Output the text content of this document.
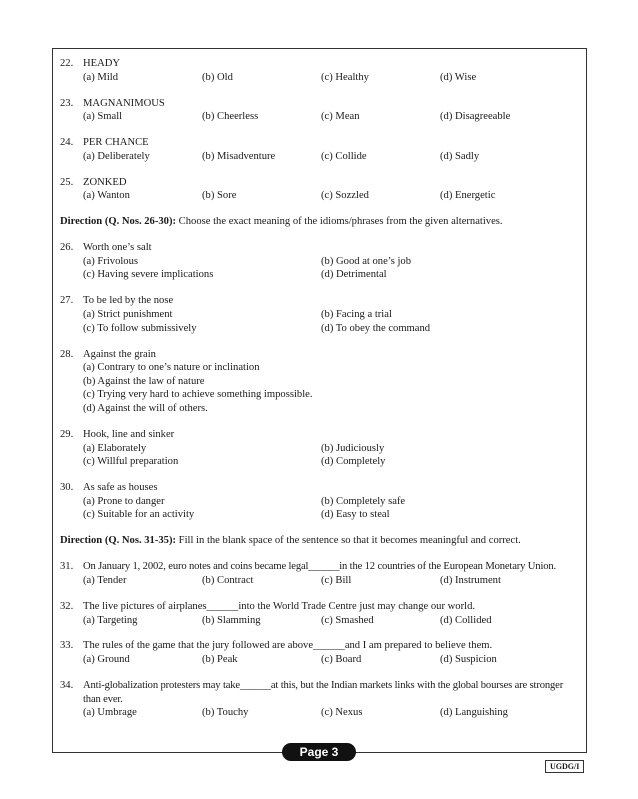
22. HEADY
(a) Mild	(b) Old	(c) Healthy	(d) Wise
23. MAGNANIMOUS
(a) Small	(b) Cheerless	(c) Mean	(d) Disagreeable
24. PER CHANCE
(a) Deliberately	(b) Misadventure	(c) Collide	(d) Sadly
25. ZONKED
(a) Wanton	(b) Sore	(c) Sozzled	(d) Energetic

Direction (Q. Nos. 26-30): Choose the exact meaning of the idioms/phrases from the given alternatives.

26. Worth one’s salt
(a) Frivolous	(b) Good at one’s job
(c) Having severe implications	(d) Detrimental
27. To be led by the nose
(a) Strict punishment	(b) Facing a trial
(c) To follow submissively	(d) To obey the command
28. Against the grain
(a) Contrary to one’s nature or inclination
(b) Against the law of nature
(c) Trying very hard to achieve something impossible.
(d) Against the will of others.
29. Hook, line and sinker
(a) Elaborately	(b) Judiciously
(c) Willful preparation	(d) Completely
30. As safe as houses
(a) Prone to danger	(b) Completely safe
(c) Suitable for an activity	(d) Easy to steal

Direction (Q. Nos. 31-35): Fill in the blank space of the sentence so that it becomes meaningful and correct.

31. On January 1, 2002, euro notes and coins became legal______in the 12 countries of the European Monetary Union.
(a) Tender	(b) Contract	(c) Bill	(d) Instrument
32. The live pictures of airplanes______into the World Trade Centre just may change our world.
(a) Targeting	(b) Slamming	(c) Smashed	(d) Collided
33. The rules of the game that the jury followed are above______and I am prepared to believe them.
(a) Ground	(b) Peak	(c) Board	(d) Suspicion
34. Anti-globalization protesters may take______at this, but the Indian markets links with the global bourses are stronger than ever.
(a) Umbrage	(b) Touchy	(c) Nexus	(d) Languishing
Page 3
UGDG/I
